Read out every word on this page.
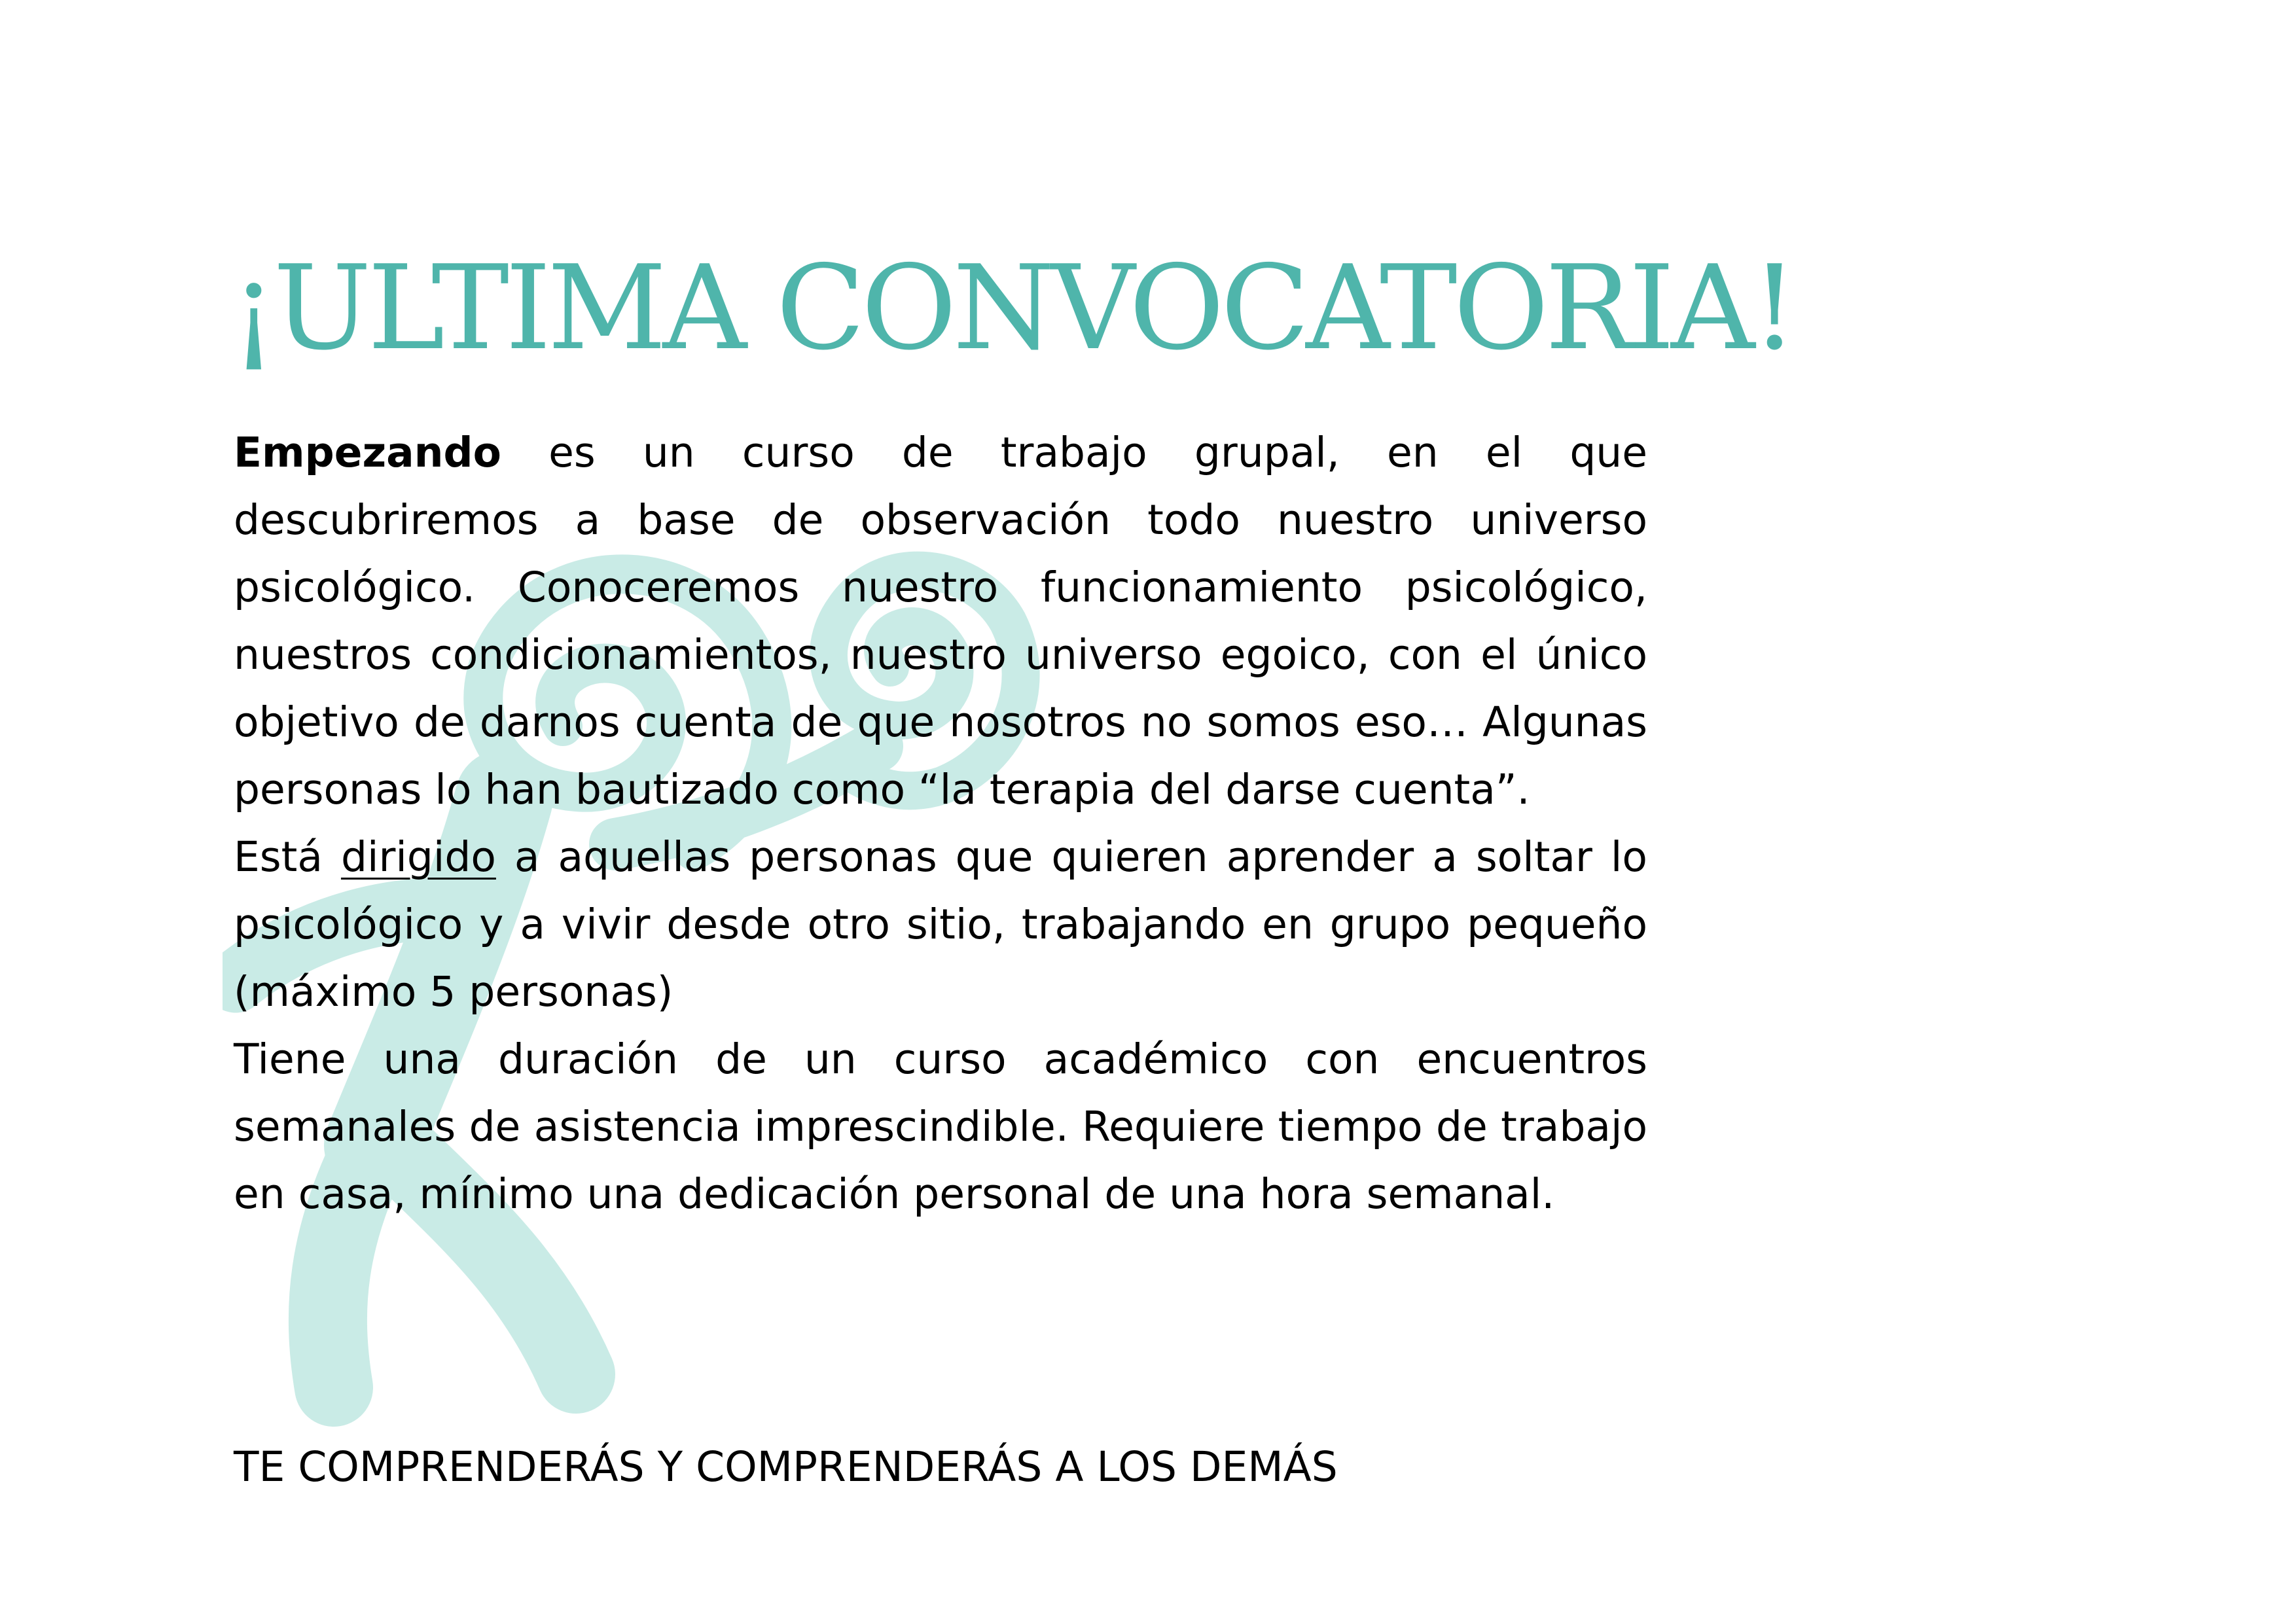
¡ULTIMA CONVOCATORIA!

Empezando es un curso de trabajo grupal, en el que descubriremos a base de observación todo nuestro universo psicológico. Conoceremos nuestro funcionamiento psicológico, nuestros condicionamientos, nuestro universo egoico, con el único objetivo de darnos cuenta de que nosotros no somos eso… Algunas personas lo han bautizado como “la terapia del darse cuenta”.

Está dirigido a aquellas personas que quieren aprender a soltar lo psicológico y a vivir desde otro sitio, trabajando en grupo pequeño (máximo 5 personas)

Tiene una duración de un curso académico con encuentros semanales de asistencia imprescindible. Requiere tiempo de trabajo en casa, mínimo una dedicación personal de una hora semanal.

TE COMPRENDERÁS Y COMPRENDERÁS A LOS DEMÁS
